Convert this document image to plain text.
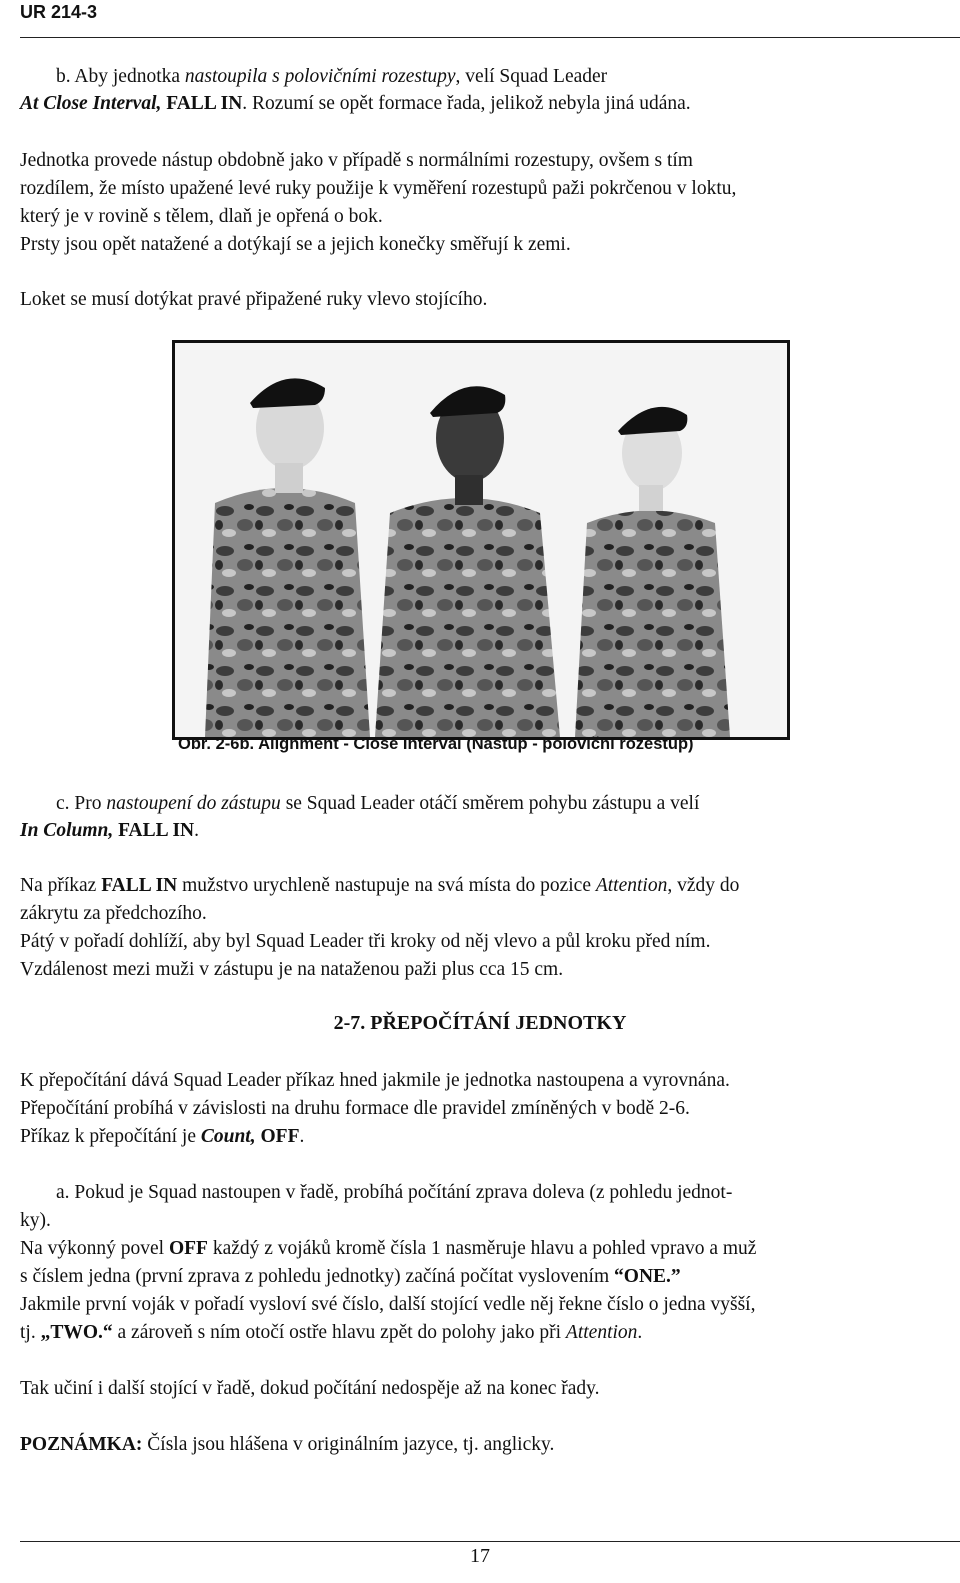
UR 214-3
b. Aby jednotka nastoupila s polovičními rozestupy, velí Squad Leader
At Close Interval, FALL IN. Rozumí se opět formace řada, jelikož nebyla jiná udána.
Jednotka provede nástup obdobně jako v případě s normálními rozestupy, ovšem s tím
rozdílem, že místo upažené levé ruky použije k vyměření rozestupů paži pokrčenou v loktu,
který je v rovině s tělem, dlaň je opřená o bok.
Prsty jsou opět natažené a dotýkají se a jejich konečky směřují k zemi.
Loket se musí dotýkat pravé připažené ruky vlevo stojícího.
Obr. 2-6b. Alignment - Close Interval (Nástup - poloviční rozestup)
c. Pro nastoupení do zástupu se Squad Leader otáčí směrem pohybu zástupu a velí
In Column, FALL IN.
Na příkaz FALL IN mužstvo urychleně nastupuje na svá místa do pozice Attention, vždy do
zákrytu za předchozího.
Pátý v pořadí dohlíží, aby byl Squad Leader tři kroky od něj vlevo a půl kroku před ním.
Vzdálenost mezi muži v zástupu je na nataženou paži plus cca 15 cm.
2-7. PŘEPOČÍTÁNÍ JEDNOTKY
K přepočítání dává Squad Leader příkaz hned jakmile je jednotka nastoupena a vyrovnána.
Přepočítání probíhá v závislosti na druhu formace dle pravidel zmíněných v bodě 2-6.
Příkaz k přepočítání je Count, OFF.
a. Pokud je Squad nastoupen v řadě, probíhá počítání zprava doleva (z pohledu jednot-
ky).
Na výkonný povel OFF každý z vojáků kromě čísla 1 nasměruje hlavu a pohled vpravo a muž
s číslem jedna (první zprava z pohledu jednotky) začíná počítat vyslovením “ONE.”
Jakmile první voják v pořadí vysloví své číslo, další stojící vedle něj řekne číslo o jedna vyšší,
tj. „TWO.“ a zároveň s ním otočí ostře hlavu zpět do polohy jako při Attention.
Tak učiní i další stojící v řadě, dokud počítání nedospěje až na konec řady.
POZNÁMKA: Čísla jsou hlášena v originálním jazyce, tj. anglicky.
17
